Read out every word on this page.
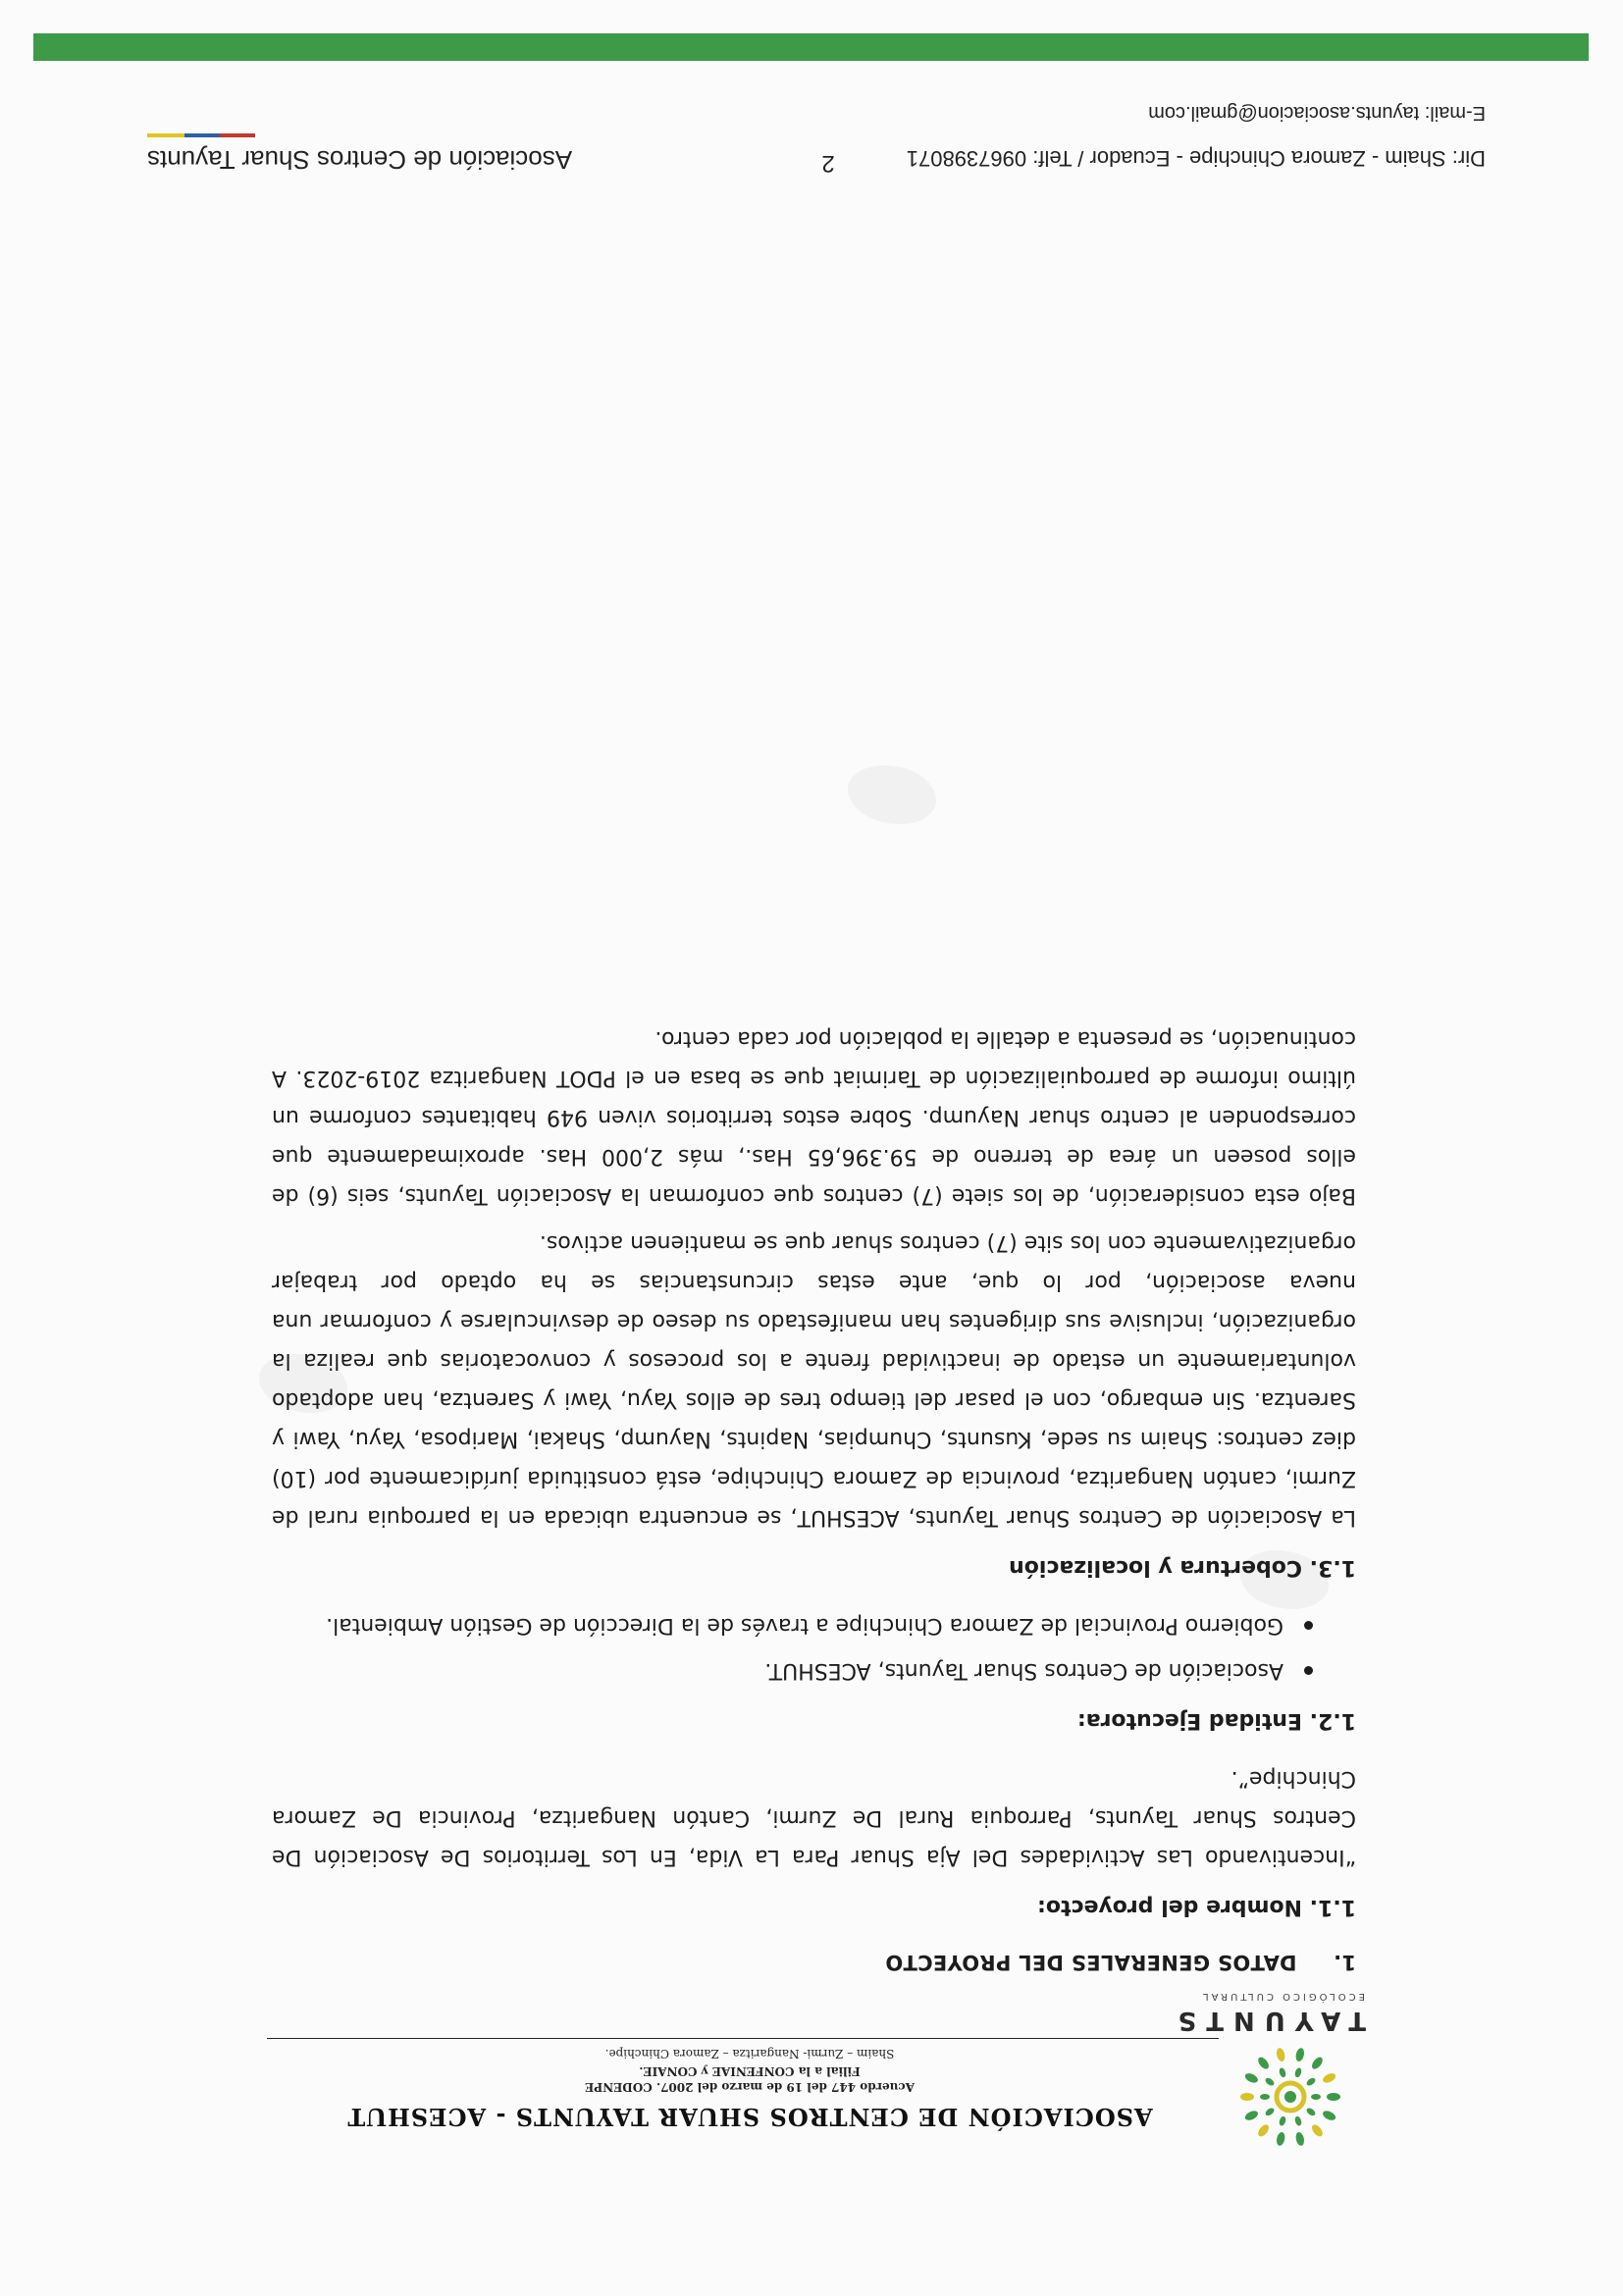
TAYUNTS
ECOLÓGICO CULTURAL
ASOCIACIÓN DE CENTROS SHUAR TAYUNTS - ACESHUT
Acuerdo 447 del 19 de marzo del 2007. CODENPE
Filial a la CONFENIAE y CONAIE.
Shaim – Zurmi- Nangaritza – Zamora Chinchipe.
1.  DATOS GENERALES DEL PROYECTO
1.1. Nombre del proyecto:

“Incentivando Las Actividades Del Aja Shuar Para La Vida, En Los Territorios De Asociación De Centros Shuar Tayunts, Parroquia Rural De Zurmi, Cantón Nangaritza, Provincia De Zamora Chinchipe”.

1.2. Entidad Ejecutora:
Asociación de Centros Shuar Tayunts, ACESHUT.
Gobierno Provincial de Zamora Chinchipe a través de la Dirección de Gestión Ambiental.
1.3. Cobertura y localización

La Asociación de Centros Shuar Tayunts, ACESHUT, se encuentra ubicada en la parroquia rural de Zurmi, cantón Nangaritza, provincia de Zamora Chinchipe, está constituida jurídicamente por (10) diez centros: Shaim su sede, Kusunts, Chumpias, Napints, Nayump, Shakai, Mariposa, Yayu, Yawi y Sarentza. Sin embargo, con el pasar del tiempo tres de ellos Yayu, Yawi y Sarentza, han adoptado voluntariamente un estado de inactividad frente a los procesos y convocatorias que realiza la organización, inclusive sus dirigentes han manifestado su deseo de desvincularse y conformar una nueva asociación, por lo que, ante estas circunstancias se ha optado por trabajar organizativamente con los site (7) centros shuar que se mantienen activos.

Bajo esta consideración, de los siete (7) centros que conforman la Asociación Tayunts, seis (6) de ellos poseen un área de terreno de 59.396,65 Has., más 2,000 Has. aproximadamente que corresponden al centro shuar Nayump. Sobre estos territorios viven 949 habitantes conforme un último informe de parroquialización de Tarimiat que se basa en el PDOT Nangaritza 2019-2023. A continuación, se presenta a detalle la población por cada centro.

Asociación de Centros Shuar Tayunts	2	Dir: Shaim - Zamora Chinchipe - Ecuador / Telf: 0967398071
E-mail: tayunts.asociacion@gmail.com
